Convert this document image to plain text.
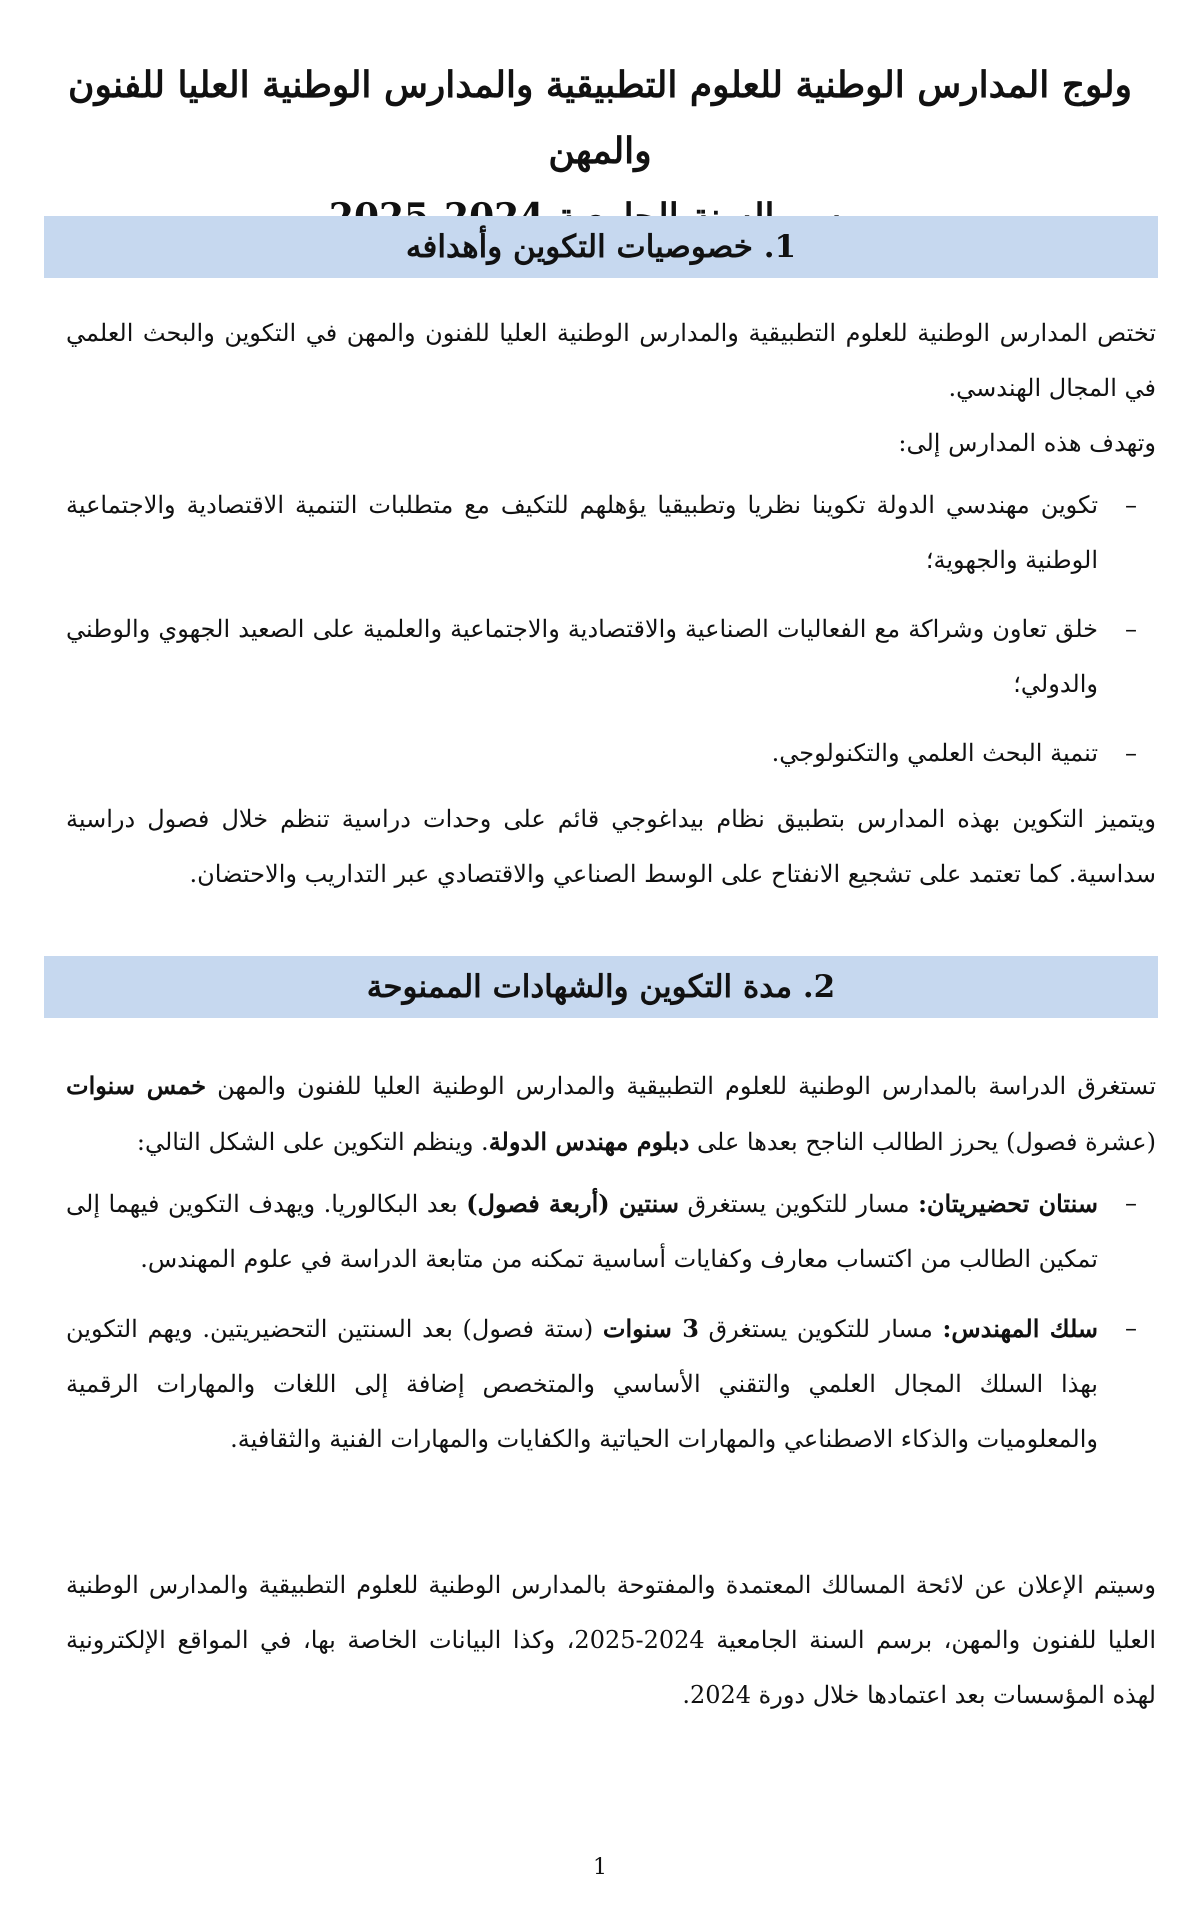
ولوج المدارس الوطنية للعلوم التطبيقية والمدارس الوطنية العليا للفنون والمهن
1. خصوصيات التكوين وأهدافه

تختص المدارس الوطنية للعلوم التطبيقية والمدارس الوطنية العليا للفنون والمهن في التكوين والبحث العلمي في المجال الهندسي.

وتهدف هذه المدارس إلى:

–
تكوين مهندسي الدولة تكوينا نظريا وتطبيقيا يؤهلهم للتكيف مع متطلبات التنمية الاقتصادية والاجتماعية الوطنية والجهوية؛
–
خلق تعاون وشراكة مع الفعاليات الصناعية والاقتصادية والاجتماعية والعلمية على الصعيد الجهوي والوطني والدولي؛
–
تنمية البحث العلمي والتكنولوجي.

ويتميز التكوين بهذه المدارس بتطبيق نظام بيداغوجي قائم على وحدات دراسية تنظم خلال فصول دراسية سداسية. كما تعتمد على تشجيع الانفتاح على الوسط الصناعي والاقتصادي عبر التداريب والاحتضان.

2. مدة التكوين والشهادات الممنوحة

تستغرق الدراسة بالمدارس الوطنية للعلوم التطبيقية والمدارس الوطنية العليا للفنون والمهن خمس سنوات (عشرة فصول) يحرز الطالب الناجح بعدها على دبلوم مهندس الدولة. وينظم التكوين على الشكل التالي:

–
سنتان تحضيريتان: مسار للتكوين يستغرق سنتين (أربعة فصول) بعد البكالوريا. ويهدف التكوين فيهما إلى تمكين الطالب من اكتساب معارف وكفايات أساسية تمكنه من متابعة الدراسة في علوم المهندس.
–
سلك المهندس: مسار للتكوين يستغرق 3 سنوات (ستة فصول) بعد السنتين التحضيريتين. ويهم التكوين بهذا السلك المجال العلمي والتقني الأساسي والمتخصص إضافة إلى اللغات والمهارات الرقمية والمعلوميات والذكاء الاصطناعي والمهارات الحياتية والكفايات والمهارات الفنية والثقافية.

وسيتم الإعلان عن لائحة المسالك المعتمدة والمفتوحة بالمدارس الوطنية للعلوم التطبيقية والمدارس الوطنية العليا للفنون والمهن، برسم السنة الجامعية 2024-2025، وكذا البيانات الخاصة بها، في المواقع الإلكترونية لهذه المؤسسات بعد اعتمادها خلال دورة 2024.

1
